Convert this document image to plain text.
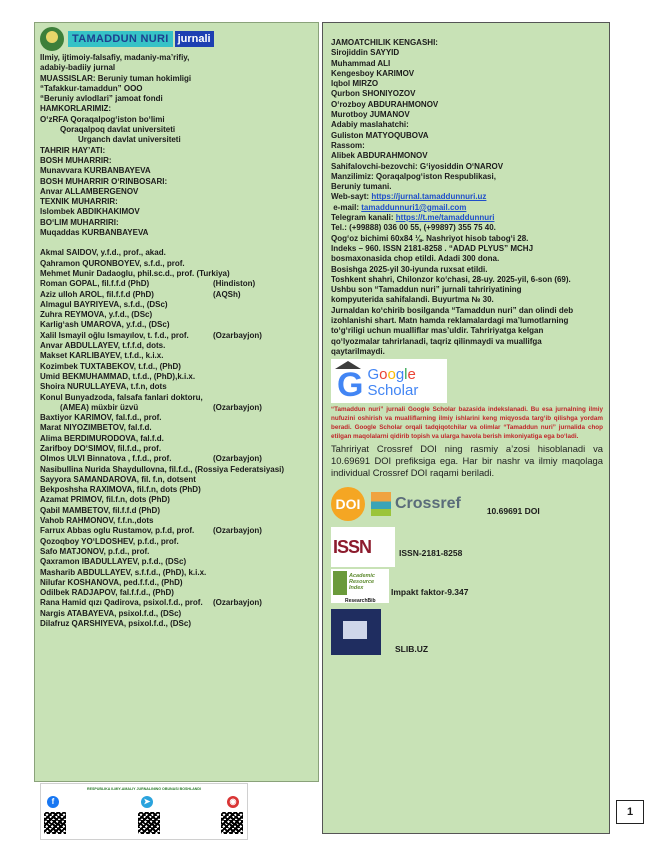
TAMADDUN NURI jurnali
Ilmiy, ijtimoiy-falsafiy, madaniy-ma’rifiy,
adabiy-badiiy jurnal
MUASSISLAR: Beruniy tuman hokimligi
“Tafakkur-tamaddun” OOO
“Beruniy avlodlari” jamoat fondi
HAMKORLARIMIZ:
O‘zRFA Qoraqalpog‘iston bo‘limi
Qoraqalpoq davlat universiteti
Urganch davlat universiteti
TAHRIR HAY’ATI:
BOSH MUHARRIR:
Munavvara KURBANBAYEVA
BOSH MUHARRIR O‘RINBOSARI:
Anvar ALLAMBERGENOV
TEXNIK MUHARRIR:
Islombek ABDIKHAKIMOV
BO‘LIM MUHARRIRI:
Muqaddas KURBANBAYEVA
Akmal SAIDOV, y.f.d., prof., akad.
Qahramon QURONBOYEV, s.f.d., prof.
Mehmet Munir Dadaoglu, phil.sc.d., prof. (Turkiya)
Roman GOPAL, fil.f.f.d (PhD)	(Hindiston)
Aziz ullоh AROL, fil.f.f.d (PhD)	(AQSh)
Almagul BAYRIYEVA, s.f.d., (DSc)
Zuhra REYMOVA, y.f.d., (DSc)
Karlig‘ash UMAROVA, y.f.d., (DSc)
Xalil Ismayil oğlu Ismayılov, t. f.d., prof.	(Ozarbayjon)
Anvar ABDULLAYEV, t.f.f.d, dots.
Makset KARLIBAYEV, t.f.d., k.i.x.
Kozimbek TUXTABEKOV, t.f.d., (PhD)
Umid BEKMUHAMMAD, t.f.d., (PhD),k.i.x.
Shoira NURULLAYEVA, t.f.n, dots
Konul Bunyadzoda, falsafa fanlari doktoru,
(AMEA) müxbir üzvü	(Ozarbayjon)
Baxtiyor KARIMOV, fal.f.d., prof.
Marat NIYOZIMBETOV, fal.f.d.
Alima BERDIMURODOVA, fal.f.d.
Zarifboy DO‘SIMOV, fil.f.d., prof.
Olmos ULVI Binnatova , f.f.d., prof.	(Ozarbayjon)
Nasibullina Nurida Shaydullovna, fil.f.d., (Rossiya Federatsiyasi)
Sayyora SAMANDAROVA, fil. f.n, dotsent
Bekposhsha RAXIMOVA, fil.f.n, dots (PhD)
Azamat PRIMOV, fil.f.n, dots (PhD)
Qabil MAMBETOV, fil.f.f.d (PhD)
Vahob RAHMONOV, f.f.n.,dots
Farrux Abbas oglu Rustamov, p.f.d, prof. (Ozarbayjon)
Qozoqboy YO‘LDOSHEV, p.f.d., prof.
Safo MATJONOV, p.f.d., prof.
Qaxramon IBADULLAYEV, p.f.d., (DSc)
Masharib ABDULLAYEV, s.f.f.d., (PhD), k.i.x.
Nilufar KOSHANOVA, ped.f.f.d., (PhD)
Odilbek RADJAPOV, fal.f.f.d., (PhD)
Rana Hamid qızı Qadirova, psixol.f.d., prof. (Ozarbayjon)
Nargis ATABAYEVA, psixol.f.d., (DSc)
Dilafruz QARSHIYEVA, psixol.f.d., (DSc)
RESPUBLIKA ILMIY-AMALIY JURNALINING OBUNASI BOSHLANDI
f	➤	◉
JAMOATCHILIK KENGASHI:
Sirojiddin SAYYID
Muhammad ALI
Kengesboy KARIMOV
Iqbol MIRZO
Qurbon SHONIYOZOV
O‘rozboy ABDURAHMONOV
Murotboy JUMANOV
Adabiy maslahatchi:
Guliston MATYOQUBOVA
Rassom:
Alibek ABDURAHMONOV
Sahifalovchi-bezovchi: G‘iyosiddin O‘NAROV
Manzilimiz: Qoraqalpog‘iston Respublikasi,
Beruniy tumani.
Web-sayt: https://jurnal.tamaddunnuri.uz
e-mail: tamaddunnuri1@gmail.com
Telegram kanali: https://t.me/tamaddunnuri
Tel.: (+99888) 036 00 55, (+99897) 355 75 40.
Qog‘oz bichimi 60x84 ⅛. Nashriyot hisob tabog‘i 28.
Indeks – 960. ISSN 2181-8258 . “ADAD PLYUS” MCHJ
bosmaxonasida chop etildi. Adadi 300 dona.
Bosishga 2025-yil 30-iyunda ruxsat etildi.
Toshkent shahri, Chilonzor ko‘chasi, 28-uy. 2025-yil, 6-son (69).
Ushbu son “Tamaddun nuri” jurnali tahririyatining
kompyuterida sahifalandi. Buyurtma № 30.
Jurnaldan ko‘chirib bosilganda “Tamaddun nuri” dan olindi deb
izohlanishi shart. Matn hamda reklamalardagi ma’lumotlarning
to‘g‘riligi uchun mualliflar mas’uldir. Tahririyatga kelgan
qo‘lyozmalar tahrirlanadi, taqriz qilinmaydi va muallifga
qaytarilmaydi.
G Google
Scholar
“Tamaddun nuri” jurnali Google Scholar bazasida indekslanadi. Bu esa jurnalning ilmiy nufuzini oshirish va mualliflarning ilmiy ishlarini keng miqyosda targ‘ib qilishga yordam beradi. Google Scholar orqali tadqiqotchilar va olimlar “Tamaddun nuri” jurnalida chop etilgan maqolalarni qidirib topish va ularga havola berish imkoniyatiga ega bo‘ladi.
Tahririyat Crossref DOI ning rasmiy a’zosi hisoblanadi va 10.69691 DOI prefiksiga ega. Har bir nashr va ilmiy maqolaga individual Crossref DOI raqami beriladi.
DOI Crossref	10.69691 DOI
ISSN	ISSN-2181-8258
Academic Resource Index
ResearchBib
Impakt faktor-9.347
SLIB.UZ
1
